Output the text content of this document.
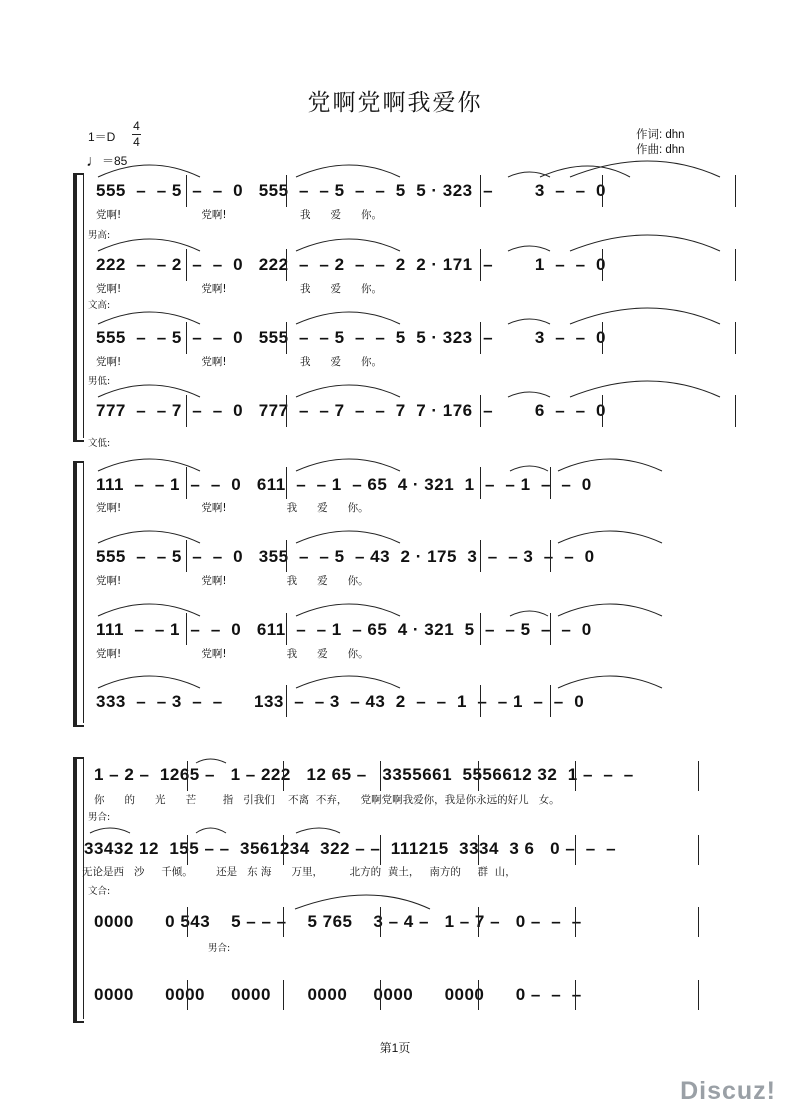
党啊党啊我爱你
1＝D
4
4
♩＝85
作词: dhn
作曲: dhn
555  –  – 5  –  –  0   555  –  – 5  –  –  5  5 · 323  –        3  –  –  0
党啊!                        党啊!                      我      爱      你。
男高:
222  –  – 2  –  –  0   222  –  – 2  –  –  2  2 · 171  –        1  –  –  0
党啊!                        党啊!                      我      爱      你。
文高:
555  –  – 5  –  –  0   555  –  – 5  –  –  5  5 · 323  –        3  –  –  0
党啊!                        党啊!                      我      爱      你。
男低:
777  –  – 7  –  –  0   777  –  – 7  –  –  7  7 · 176  –        6  –  –  0
文低:
111  –  – 1  –  –  0   611  –  – 1  – 65  4 · 321  1  –  – 1  –  –  0
党啊!                        党啊!                  我      爱      你。
555  –  – 5  –  –  0   355  –  – 5  – 43  2 · 175  3  –  – 3  –  –  0
党啊!                        党啊!                  我      爱      你。
111  –  – 1  –  –  0   611  –  – 1  – 65  4 · 321  5  –  – 5  –  –  0
党啊!                        党啊!                  我      爱      你。
333  –  – 3  –  –      133  –  – 3  – 43  2  –  –  1  –  – 1  –  –  0
1 – 2 –  1265 –   1 – 222   12 65 –   3355661  5556612 32  1 –  –  –
你      的      光      芒        指   引我们    不离  不弃，    党啊党啊我爱你，我是你永远的好儿   女。
男合:
33432 12  155 – –  3561234  322 – –  111215  3334  3 6   0 –  –  –
无论是西   沙     千倾。       还是   东 海      万里，        北方的  黄土，   南方的     群  山，
文合:
0000      0 543    5 – – –    5 765    3 – 4 –   1 – 7 –   0 –  –  –
男合:
0000      0000     0000       0000     0000      0000      0 –  –  –
第1页
Discuz!
